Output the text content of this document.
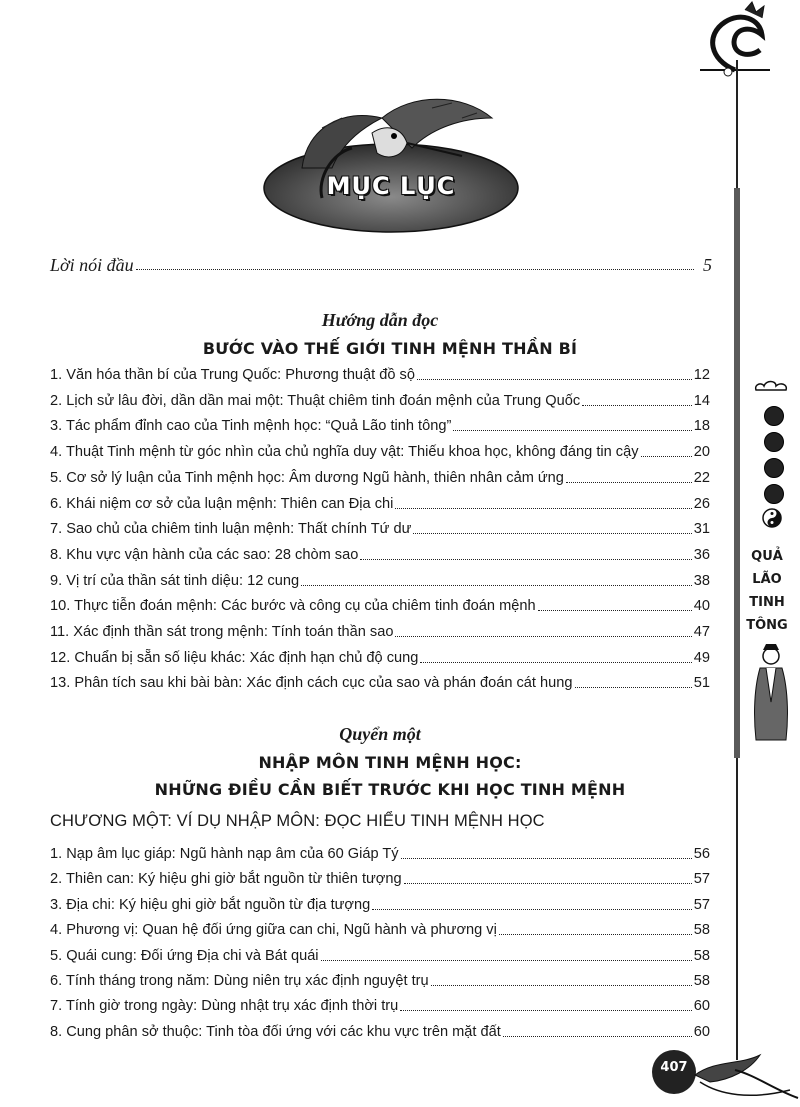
MỤC LỤC
Lời nói đầu	5
Hướng dẫn đọc
BƯỚC VÀO THẾ GIỚI TINH MỆNH THẦN BÍ
1. Văn hóa thần bí của Trung Quốc: Phương thuật đồ sộ	12
2. Lịch sử lâu đời, dần dần mai một: Thuật chiêm tinh đoán mệnh của Trung Quốc	14
3. Tác phẩm đỉnh cao của Tinh mệnh học: “Quả Lão tinh tông”	18
4. Thuật Tinh mệnh từ góc nhìn của chủ nghĩa duy vật: Thiếu khoa học, không đáng tin cậy	20
5. Cơ sở lý luận của Tinh mệnh học: Âm dương Ngũ hành, thiên nhân cảm ứng	22
6. Khái niệm cơ sở của luận mệnh: Thiên can Địa chi	26
7. Sao chủ của chiêm tinh luận mệnh: Thất chính Tứ dư	31
8. Khu vực vận hành của các sao: 28 chòm sao	36
9. Vị trí của thần sát tinh diệu: 12 cung	38
10. Thực tiễn đoán mệnh: Các bước và công cụ của chiêm tinh đoán mệnh	40
11. Xác định thần sát trong mệnh: Tính toán thần sao	47
12. Chuẩn bị sẵn số liệu khác: Xác định hạn chủ độ cung	49
13. Phân tích sau khi bài bàn: Xác định cách cục của sao và phán đoán cát hung	51
Quyển một
NHẬP MÔN TINH MỆNH HỌC:
NHỮNG ĐIỀU CẦN BIẾT TRƯỚC KHI HỌC TINH MỆNH
CHƯƠNG MỘT: VÍ DỤ NHẬP MÔN: ĐỌC HIỂU TINH MỆNH HỌC
1. Nạp âm lục giáp: Ngũ hành nạp âm của 60 Giáp Tý	56
2. Thiên can: Ký hiệu ghi giờ bắt nguồn từ thiên tượng	57
3. Địa chi: Ký hiệu ghi giờ bắt nguồn từ địa tượng	57
4. Phương vị: Quan hệ đối ứng giữa can chi, Ngũ hành và phương vị	58
5. Quái cung: Đối ứng Địa chi và Bát quái	58
6. Tính tháng trong năm: Dùng niên trụ xác định nguyệt trụ	58
7. Tính giờ trong ngày: Dùng nhật trụ xác định thời trụ	60
8. Cung phân sở thuộc: Tinh tòa đối ứng với các khu vực trên mặt đất	60
QUẢ
LÃO
TINH
TÔNG
407
